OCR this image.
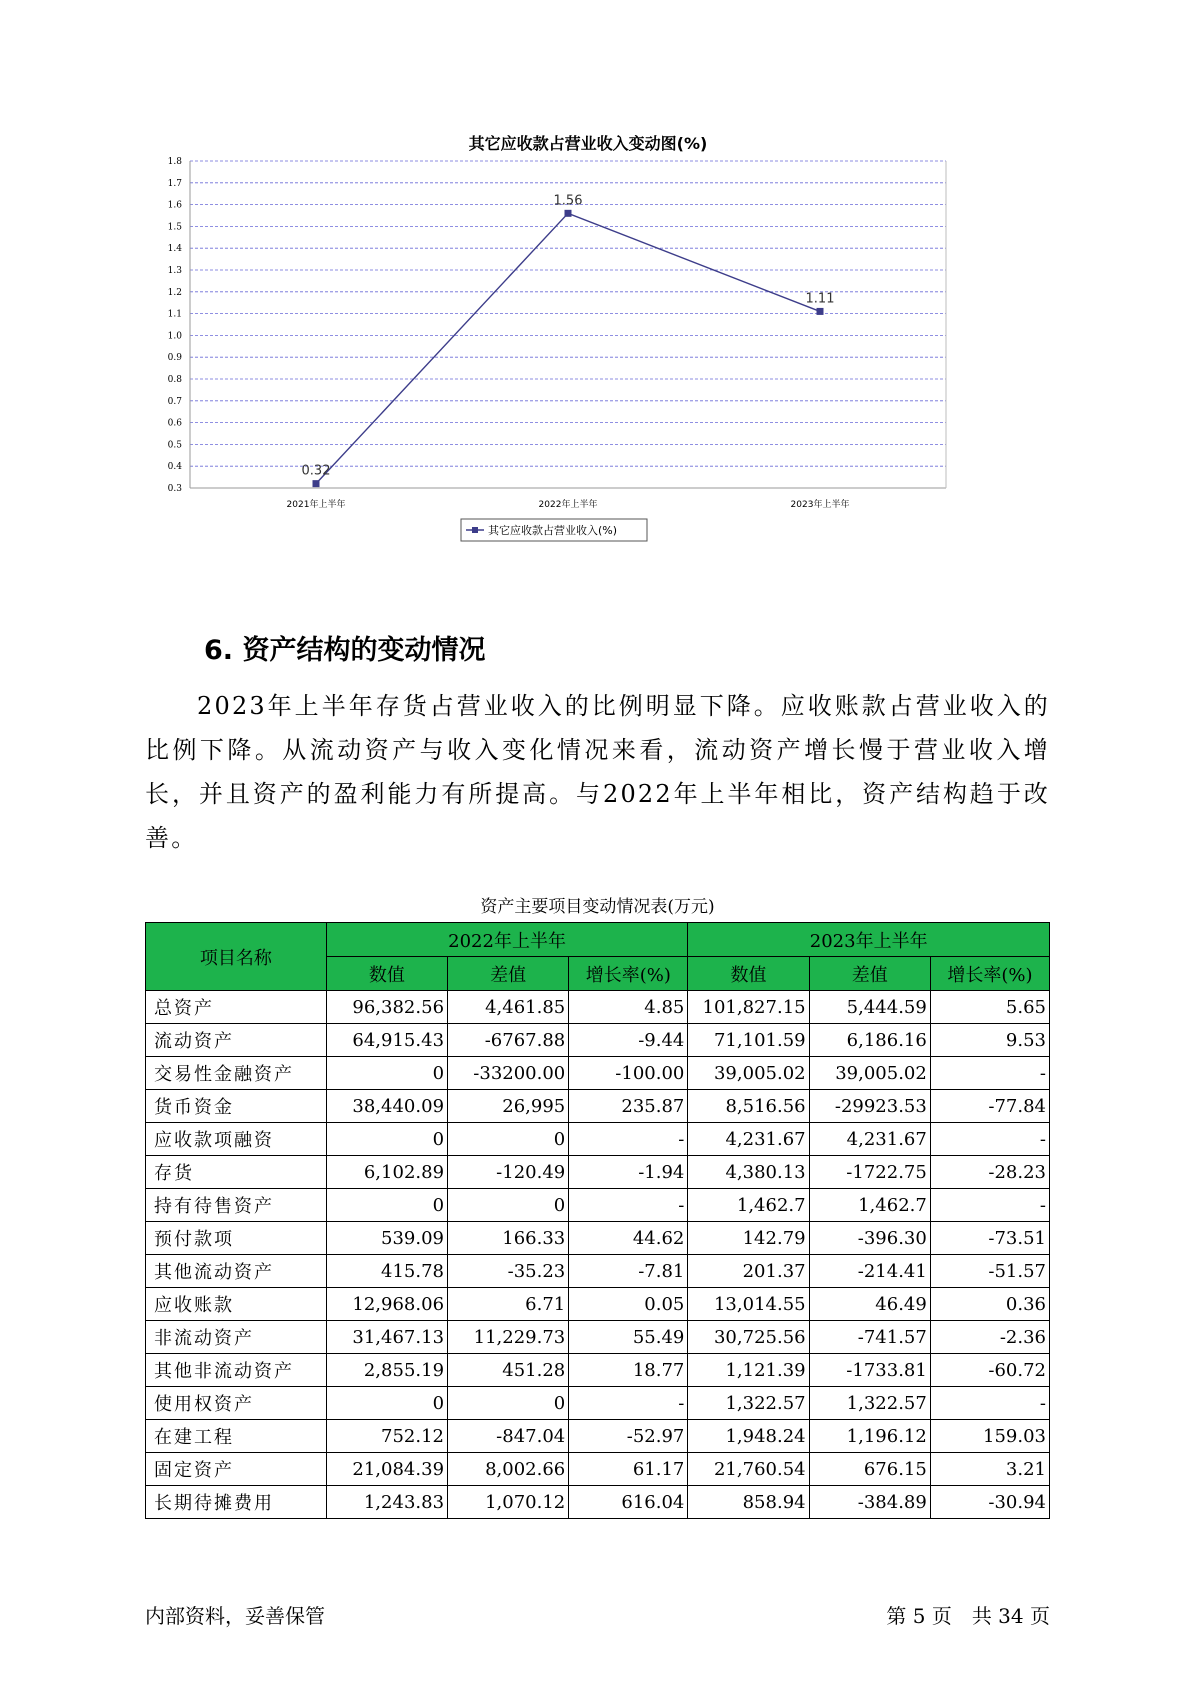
其它应收款占营业收入变动图(%)
0.3
0.4
0.5
0.6
0.7
0.8
0.9
1.0
1.1
1.2
1.3
1.4
1.5
1.6
1.7
1.8
2021年上半年	2022年上半年	2023年上半年
0.32
1.56
1.11
其它应收款占营业收入(%)
6. 资产结构的变动情况

2023年上半年存货占营业收入的比例明显下降。应收账款占营业收入的比例下降。从流动资产与收入变化情况来看，流动资产增长慢于营业收入增长，并且资产的盈利能力有所提高。与2022年上半年相比，资产结构趋于改善。

资产主要项目变动情况表(万元)
项目名称	2022年上半年			2023年上半年		
	数值	差值	增长率(%)	数值	差值	增长率(%)
总资产	96,382.56	4,461.85	4.85	101,827.15	5,444.59	5.65
流动资产	64,915.43	-6767.88	-9.44	71,101.59	6,186.16	9.53
交易性金融资产	0	-33200.00	-100.00	39,005.02	39,005.02	-
货币资金	38,440.09	26,995	235.87	8,516.56	-29923.53	-77.84
应收款项融资	0	0	-	4,231.67	4,231.67	-
存货	6,102.89	-120.49	-1.94	4,380.13	-1722.75	-28.23
持有待售资产	0	0	-	1,462.7	1,462.7	-
预付款项	539.09	166.33	44.62	142.79	-396.30	-73.51
其他流动资产	415.78	-35.23	-7.81	201.37	-214.41	-51.57
应收账款	12,968.06	6.71	0.05	13,014.55	46.49	0.36
非流动资产	31,467.13	11,229.73	55.49	30,725.56	-741.57	-2.36
其他非流动资产	2,855.19	451.28	18.77	1,121.39	-1733.81	-60.72
使用权资产	0	0	-	1,322.57	1,322.57	-
在建工程	752.12	-847.04	-52.97	1,948.24	1,196.12	159.03
固定资产	21,084.39	8,002.66	61.17	21,760.54	676.15	3.21
长期待摊费用	1,243.83	1,070.12	616.04	858.94	-384.89	-30.94
内部资料，妥善保管	第 5 页　共 34 页
